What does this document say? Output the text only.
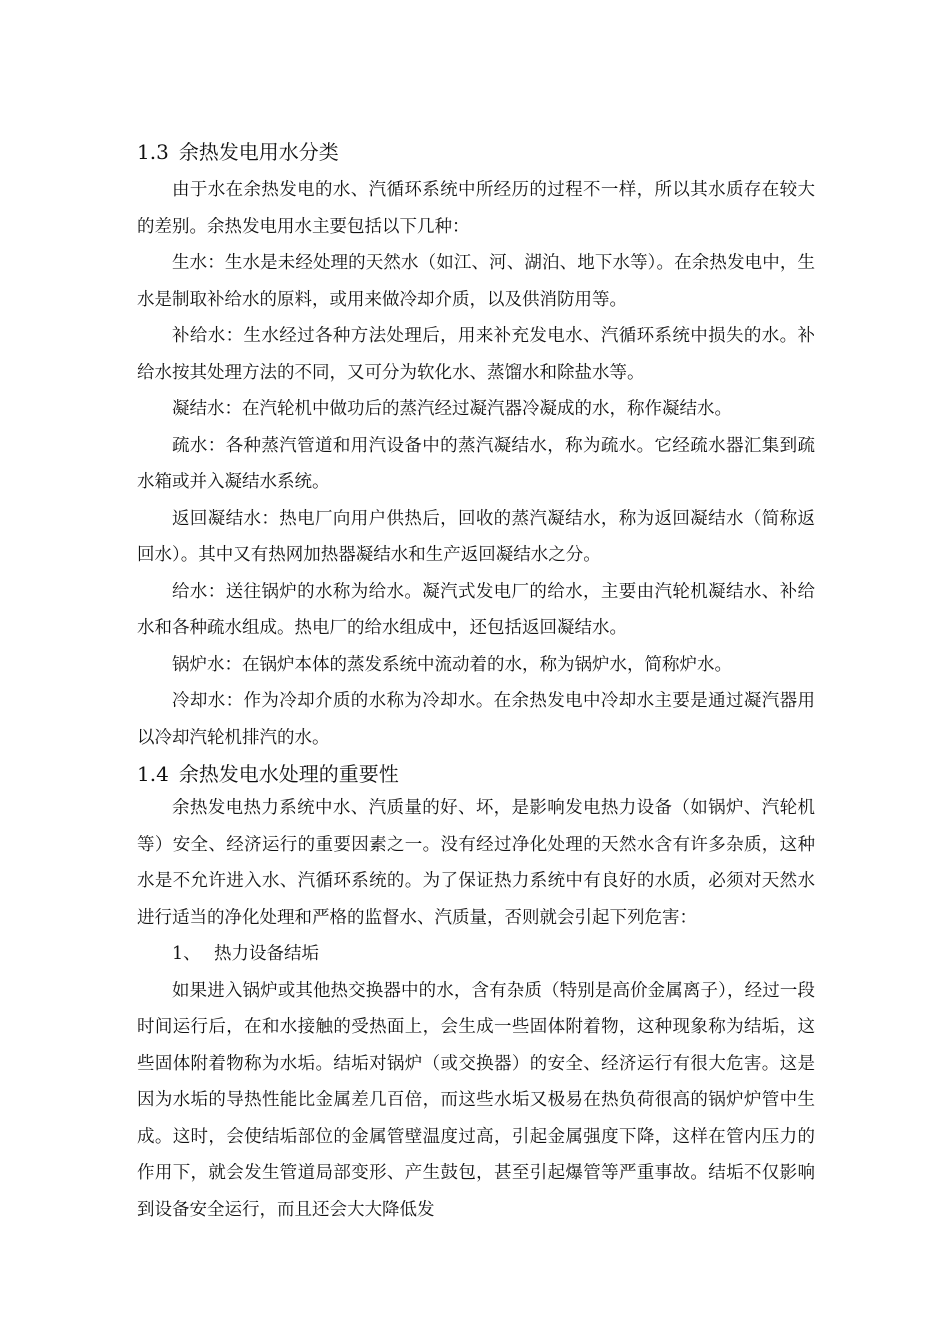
1.3 余热发电用水分类

由于水在余热发电的水、汽循环系统中所经历的过程不一样，所以其水质存在较大的差别。余热发电用水主要包括以下几种：

生水：生水是未经处理的天然水（如江、河、湖泊、地下水等）。在余热发电中，生水是制取补给水的原料，或用来做冷却介质，以及供消防用等。

补给水：生水经过各种方法处理后，用来补充发电水、汽循环系统中损失的水。补给水按其处理方法的不同，又可分为软化水、蒸馏水和除盐水等。

凝结水：在汽轮机中做功后的蒸汽经过凝汽器冷凝成的水，称作凝结水。

疏水：各种蒸汽管道和用汽设备中的蒸汽凝结水，称为疏水。它经疏水器汇集到疏水箱或并入凝结水系统。

返回凝结水：热电厂向用户供热后，回收的蒸汽凝结水，称为返回凝结水（简称返回水）。其中又有热网加热器凝结水和生产返回凝结水之分。

给水：送往锅炉的水称为给水。凝汽式发电厂的给水，主要由汽轮机凝结水、补给水和各种疏水组成。热电厂的给水组成中，还包括返回凝结水。

锅炉水：在锅炉本体的蒸发系统中流动着的水，称为锅炉水，简称炉水。

冷却水：作为冷却介质的水称为冷却水。在余热发电中冷却水主要是通过凝汽器用以冷却汽轮机排汽的水。

1.4 余热发电水处理的重要性

余热发电热力系统中水、汽质量的好、坏，是影响发电热力设备（如锅炉、汽轮机等）安全、经济运行的重要因素之一。没有经过净化处理的天然水含有许多杂质，这种水是不允许进入水、汽循环系统的。为了保证热力系统中有良好的水质，必须对天然水进行适当的净化处理和严格的监督水、汽质量，否则就会引起下列危害：

1、 热力设备结垢

如果进入锅炉或其他热交换器中的水，含有杂质（特别是高价金属离子），经过一段时间运行后，在和水接触的受热面上，会生成一些固体附着物，这种现象称为结垢，这些固体附着物称为水垢。结垢对锅炉（或交换器）的安全、经济运行有很大危害。这是因为水垢的导热性能比金属差几百倍，而这些水垢又极易在热负荷很高的锅炉炉管中生成。这时，会使结垢部位的金属管壁温度过高，引起金属强度下降，这样在管内压力的作用下，就会发生管道局部变形、产生鼓包，甚至引起爆管等严重事故。结垢不仅影响到设备安全运行，而且还会大大降低发
